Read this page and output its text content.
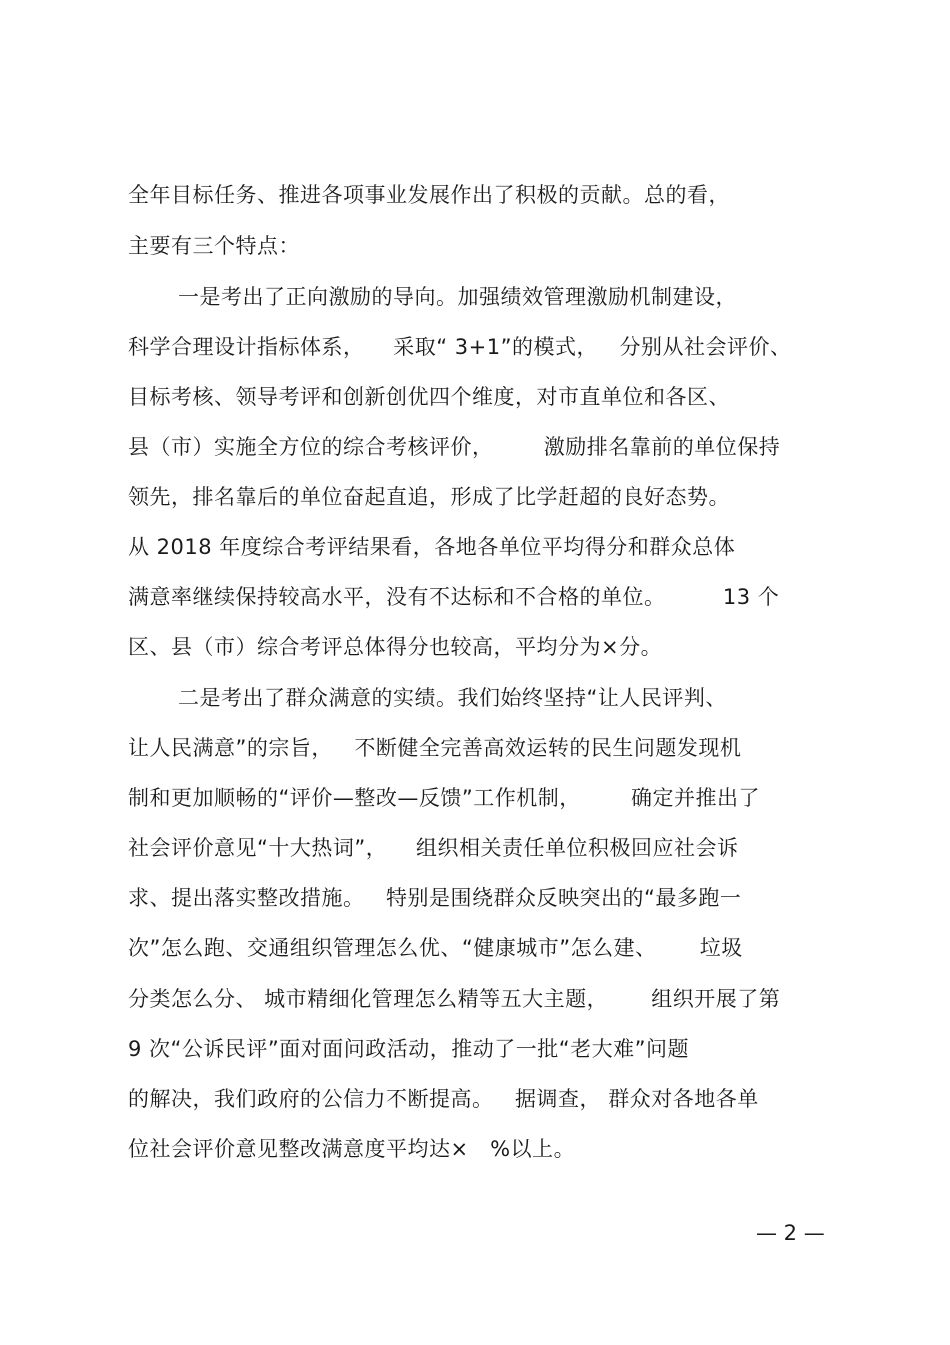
全年目标任务、推进各项事业发展作出了积极的贡献。总的看，
主要有三个特点：
一是考出了正向激励的导向。加强绩效管理激励机制建设，
科学合理设计指标体系，    采取“ 3+1”的模式，   分别从社会评价、
目标考核、领导考评和创新创优四个维度，对市直单位和各区、
县（市）实施全方位的综合考核评价，       激励排名靠前的单位保持
领先，排名靠后的单位奋起直追，形成了比学赶超的良好态势。
从 2018 年度综合考评结果看，各地各单位平均得分和群众总体
满意率继续保持较高水平，没有不达标和不合格的单位。        13 个
区、县（市）综合考评总体得分也较高，平均分为×分。
二是考出了群众满意的实绩。我们始终坚持“让人民评判、
让人民满意”的宗旨，   不断健全完善高效运转的民生问题发现机
制和更加顺畅的“评价—整改—反馈”工作机制，       确定并推出了
社会评价意见“十大热词”，    组织相关责任单位积极回应社会诉
求、提出落实整改措施。   特别是围绕群众反映突出的“最多跑一
次”怎么跑、交通组织管理怎么优、“健康城市”怎么建、      垃圾
分类怎么分、 城市精细化管理怎么精等五大主题，      组织开展了第
9 次“公诉民评”面对面问政活动，推动了一批“老大难”问题
的解决，我们政府的公信力不断提高。   据调查， 群众对各地各单
位社会评价意见整改满意度平均达×   %以上。
— 2 —
